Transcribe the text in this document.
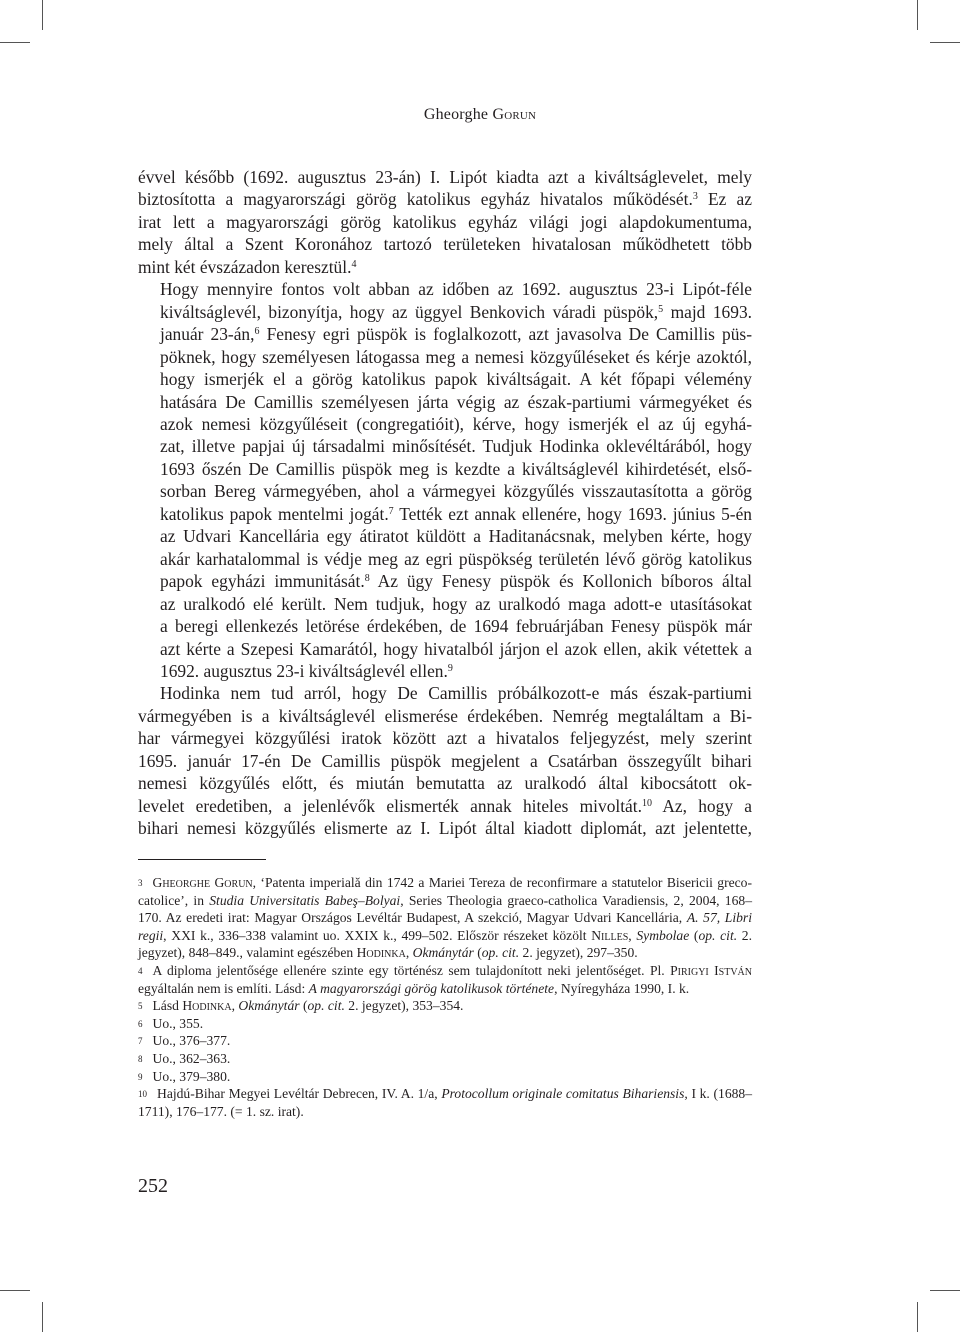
Gheorghe Gorun

évvel később (1692. augusztus 23-án) I. Lipót kiadta azt a kiváltságlevelet, mely
biztosította a magyarországi görög katolikus egyház hivatalos működését.$^3$ Ez az
irat lett a magyarországi görög katolikus egyház világi jogi alapdokumentuma,
mely által a Szent Koronához tartozó területeken hivatalosan működhetett több
mint két évszázadon keresztül.$^4$

Hogy mennyire fontos volt abban az időben az 1692. augusztus 23-i Lipót-féle
kiváltságlevél, bizonyítja, hogy az üggyel Benkovich váradi püspök,$^5$ majd 1693.
január 23-án,$^6$ Fenesy egri püspök is foglalkozott, azt javasolva De Camillis püs-
pöknek, hogy személyesen látogassa meg a nemesi közgyűléseket és kérje azoktól,
hogy ismerjék el a görög katolikus papok kiváltságait. A két főpapi vélemény
hatására De Camillis személyesen járta végig az észak-partiumi vármegyéket és
azok nemesi közgyűléseit (congregatióit), kérve, hogy ismerjék el az új egyhá-
zat, illetve papjai új társadalmi minősítését. Tudjuk Hodinka oklevéltárából, hogy
1693 őszén De Camillis püspök meg is kezdte a kiváltságlevél kihirdetését, első-
sorban Bereg vármegyében, ahol a vármegyei közgyűlés visszautasította a görög
katolikus papok mentelmi jogát.$^7$ Tették ezt annak ellenére, hogy 1693. június 5-én
az Udvari Kancellária egy átiratot küldött a Haditanácsnak, melyben kérte, hogy
akár karhatalommal is védje meg az egri püspökség területén lévő görög katolikus
papok egyházi immunitását.$^8$ Az ügy Fenesy püspök és Kollonich bíboros által
az uralkodó elé került. Nem tudjuk, hogy az uralkodó maga adott-e utasításokat
a beregi ellenkezés letörése érdekében, de 1694 februárjában Fenesy püspök már
azt kérte a Szepesi Kamarától, hogy hivatalból járjon el azok ellen, akik vétettek a
1692. augusztus 23-i kiváltságlevél ellen.$^9$

Hodinka nem tud arról, hogy De Camillis próbálkozott-e más észak-partiumi
vármegyében is a kiváltságlevél elismerése érdekében. Nemrég megtaláltam a Bi-
har vármegyei közgyűlési iratok között azt a hivatalos feljegyzést, mely szerint
1695. január 17-én De Camillis püspök megjelent a Csatárban összegyűlt bihari
nemesi közgyűlés előtt, és miután bemutatta az uralkodó által kibocsátott ok-
levelet eredetiben, a jelenlévők elismerték annak hiteles mivoltát.$^{10}$ Az, hogy a
bihari nemesi közgyűlés elismerte az I. Lipót által kiadott diplomát, azt jelentette,

$^3$ Gheorghe Gorun, ‘Patenta imperială din 1742 a Mariei Tereza de reconfirmare a statutelor Bisericii greco-catolice’, in Studia Universitatis Babeş–Bolyai, Series Theologia graeco-catholica Varadiensis, 2, 2004, 168–170. Az eredeti irat: Magyar Országos Levéltár Budapest, A szekció, Magyar Udvari Kancellária, A. 57, Libri regii, XXI k., 336–338 valamint uo. XXIX k., 499–502. Először részeket közölt Nilles, Symbolae (op. cit. 2. jegyzet), 848–849., valamint egészében Hodinka, Okmánytár (op. cit. 2. jegyzet), 297–350.

$^4$ A diploma jelentősége ellenére szinte egy történész sem tulajdonított neki jelentőséget. Pl. Pirigyi István egyáltalán nem is említi. Lásd: A magyarországi görög katolikusok története, Nyíregyháza 1990, I. k.

$^5$ Lásd Hodinka, Okmánytár (op. cit. 2. jegyzet), 353–354.

$^6$ Uo., 355.

$^7$ Uo., 376–377.

$^8$ Uo., 362–363.

$^9$ Uo., 379–380.

$^{10}$ Hajdú-Bihar Megyei Levéltár Debrecen, IV. A. 1/a, Protocollum originale comitatus Bihariensis, I k. (1688–1711), 176–177. (= 1. sz. irat).

252
